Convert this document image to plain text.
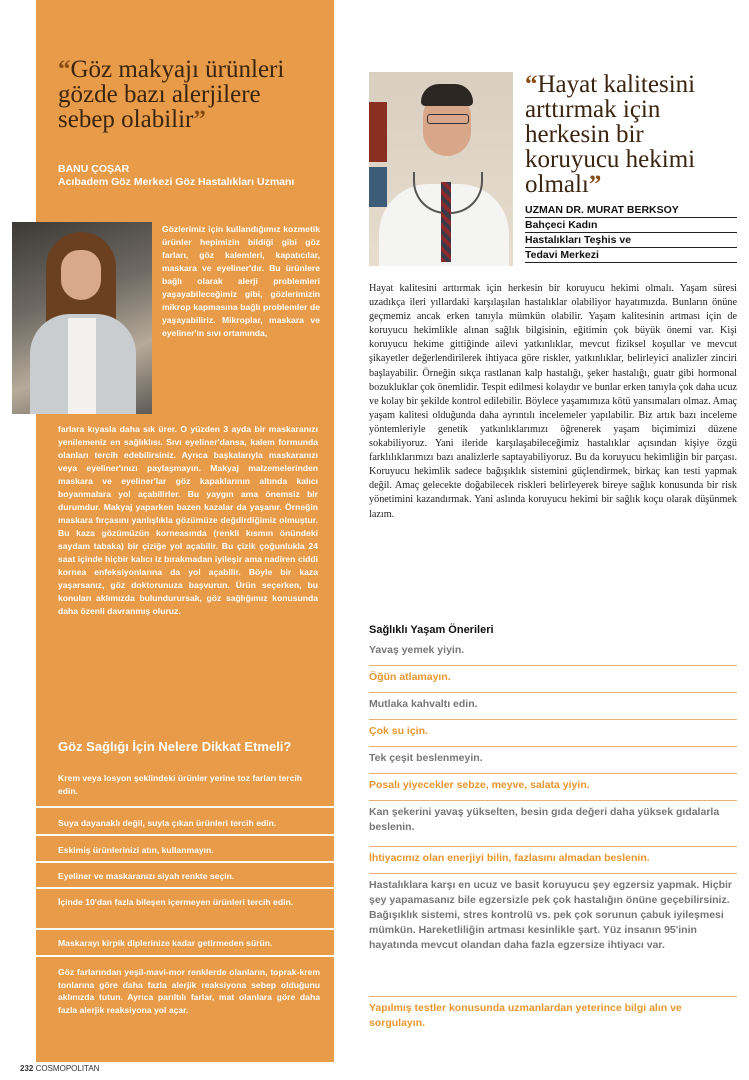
“Göz makyajı ürünleri gözde bazı alerjilere sebep olabilir”
BANU ÇOŞAR
Acıbadem Göz Merkezi Göz Hastalıkları Uzmanı
Gözlerimiz için kullandığımız kozmetik ürünler hepimizin bildiği gibi göz farları, göz kalemleri, kapatıcılar, maskara ve eyeliner'dır. Bu ürünlere bağlı olarak alerji problemleri yaşayabileceğimiz gibi, gözlerimizin mikrop kapmasına bağlı problemler de yaşayabiliriz. Mikroplar, maskara ve eyeliner'ın sıvı ortamında,
farlara kıyasla daha sık ürer. O yüzden 3 ayda bir maskaranızı yenilemeniz en sağlıklısı. Sıvı eyeliner'dansa, kalem formunda olanları tercih edebilirsiniz. Ayrıca başkalarıyla maskaranızı veya eyeliner'ınızı paylaşmayın. Makyaj malzemelerinden maskara ve eyeliner'lar göz kapaklarının altında kalıcı boyanmalara yol açabilirler. Bu yaygın ama önemsiz bir durumdur. Makyaj yaparken bazen kazalar da yaşanır. Örneğin maskara fırçasını yanlışlıkla gözümüze değdirdiğimiz olmuştur. Bu kaza gözümüzün korneasında (renkli kısmın önündeki saydam tabaka) bir çiziğe yol açabilir. Bu çizik çoğunlukla 24 saat içinde hiçbir kalıcı iz bırakmadan iyileşir ama nadiren ciddi kornea enfeksiyonlarına da yol açabilir. Böyle bir kaza yaşarsanız, göz doktorunuza başvurun. Ürün seçerken, bu konuları aklımızda bulundurursak, göz sağlığımız konusunda daha özenli davranmış oluruz.
Göz Sağlığı İçin Nelere Dikkat Etmeli?
Krem veya losyon şeklindeki ürünler yerine toz farları tercih edin.
Suya dayanaklı değil, suyla çıkan ürünleri tercih edin.
Eskimiş ürünlerinizi atın, kullanmayın.
Eyeliner ve maskaranızı siyah renkte seçin.
İçinde 10'dan fazla bileşen içermeyen ürünleri tercih edin.
Maskarayı kirpik diplerinize kadar getirmeden sürün.
Göz farlarından yeşil-mavi-mor renklerde olanların, toprak-krem tonlarına göre daha fazla alerjik reaksiyona sebep olduğunu aklınızda tutun. Ayrıca parıltılı farlar, mat olanlara göre daha fazla alerjik reaksiyona yol açar.
232 COSMOPOLITAN
“Hayat kalitesini arttırmak için herkesin bir koruyucu hekimi olmalı”
UZMAN DR. MURAT BERKSOY
Bahçeci Kadın
Hastalıkları Teşhis ve
Tedavi Merkezi
Hayat kalitesini arttırmak için herkesin bir koruyucu hekimi olmalı. Yaşam süresi uzadıkça ileri yıllardaki karşılaşılan hastalıklar olabiliyor hayatımızda. Bunların önüne geçmemiz ancak erken tanıyla mümkün olabilir. Yaşam kalitesinin artması için de koruyucu hekimlikle alınan sağlık bilgisinin, eğitimin çok büyük önemi var. Kişi koruyucu hekime gittiğinde ailevi yatkınlıklar, mevcut fiziksel koşullar ve mevcut şikayetler değerlendirilerek ihtiyaca göre riskler, yatkınlıklar, belirleyici analizler zinciri başlayabilir. Örneğin sıkça rastlanan kalp hastalığı, şeker hastalığı, guatr gibi hormonal bozukluklar çok önemlidir. Tespit edilmesi kolaydır ve bunlar erken tanıyla çok daha ucuz ve kolay bir şekilde kontrol edilebilir. Böylece yaşamımıza kötü yansımaları olmaz. Amaç yaşam kalitesi olduğunda daha ayrıntılı incelemeler yapılabilir. Biz artık bazı inceleme yöntemleriyle genetik yatkınlıklarımızı öğrenerek yaşam biçimimizi düzene sokabiliyoruz. Yani ileride karşılaşabileceğimiz hastalıklar açısından kişiye özgü farklılıklarımızı bazı analizlerle saptayabiliyoruz. Bu da koruyucu hekimliğin bir parçası. Koruyucu hekimlik sadece bağışıklık sistemini güçlendirmek, birkaç kan testi yapmak değil. Amaç gelecekte doğabilecek riskleri belirleyerek bireye sağlık konusunda bir risk yönetimini kazandırmak. Yani aslında koruyucu hekimi bir sağlık koçu olarak düşünmek lazım.
Sağlıklı Yaşam Önerileri
Yavaş yemek yiyin.
Öğün atlamayın.
Mutlaka kahvaltı edin.
Çok su için.
Tek çeşit beslenmeyin.
Posalı yiyecekler sebze, meyve, salata yiyin.
Kan şekerini yavaş yükselten, besin gıda değeri daha yüksek gıdalarla beslenin.
İhtiyacınız olan enerjiyi bilin, fazlasını almadan beslenin.
Hastalıklara karşı en ucuz ve basit koruyucu şey egzersiz yapmak. Hiçbir şey yapamasanız bile egzersizle pek çok hastalığın önüne geçebilirsiniz. Bağışıklık sistemi, stres kontrolü vs. pek çok sorunun çabuk iyileşmesi mümkün. Hareketliliğin artması kesinlikle şart. Yüz insanın 95'inin hayatında mevcut olandan daha fazla egzersize ihtiyacı var.
Yapılmış testler konusunda uzmanlardan yeterince bilgi alın ve sorgulayın.
